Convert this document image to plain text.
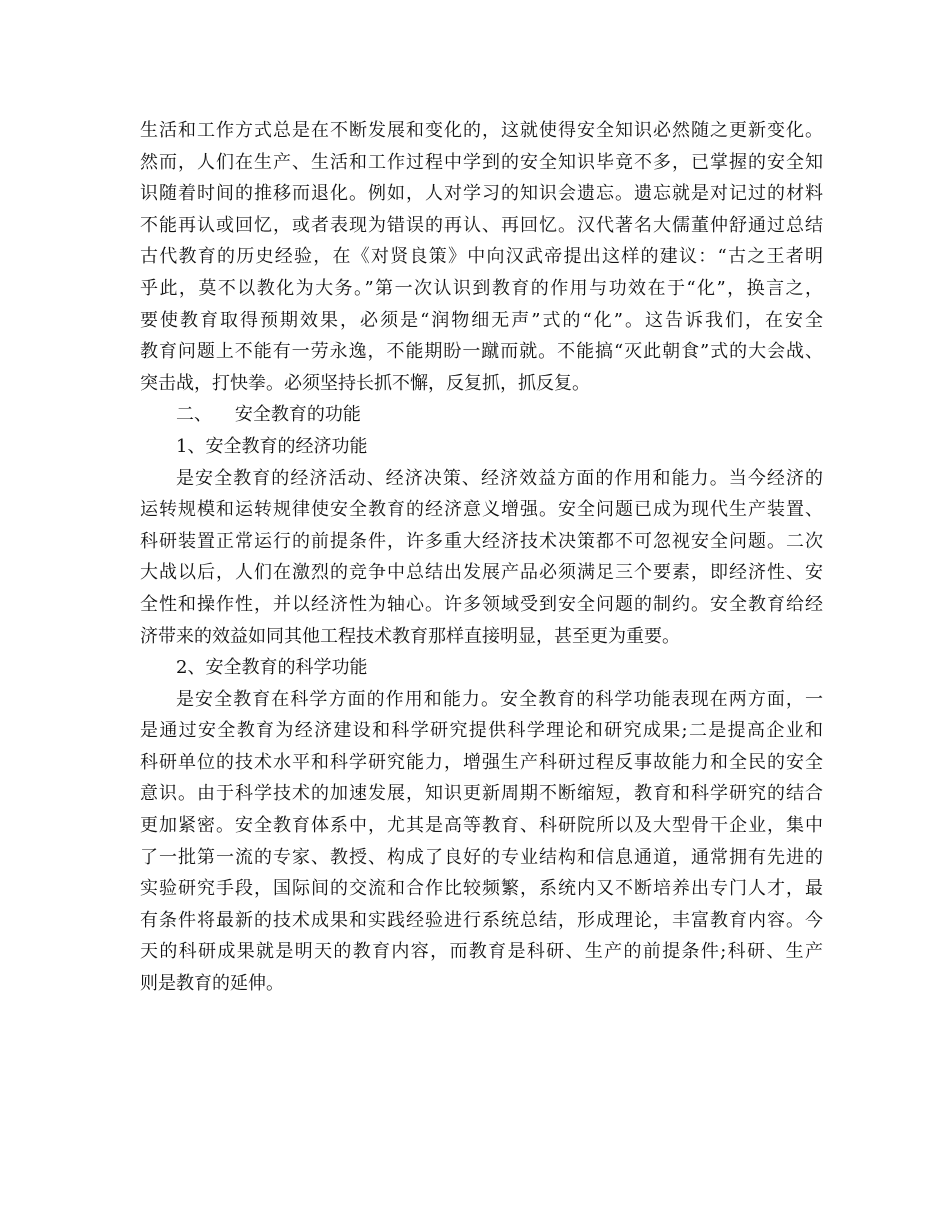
生活和工作方式总是在不断发展和变化的，这就使得安全知识必然随之更新变化。
然而，人们在生产、生活和工作过程中学到的安全知识毕竟不多，已掌握的安全知
识随着时间的推移而退化。例如，人对学习的知识会遗忘。遗忘就是对记过的材料
不能再认或回忆，或者表现为错误的再认、再回忆。汉代著名大儒董仲舒通过总结
古代教育的历史经验，在《对贤良策》中向汉武帝提出这样的建议：“古之王者明
乎此，莫不以教化为大务。”第一次认识到教育的作用与功效在于“化”，换言之，
要使教育取得预期效果，必须是“润物细无声”式的“化”。这告诉我们，在安全
教育问题上不能有一劳永逸，不能期盼一蹴而就。不能搞“灭此朝食”式的大会战、
突击战，打快拳。必须坚持长抓不懈，反复抓，抓反复。
二、    安全教育的功能
1、安全教育的经济功能
是安全教育的经济活动、经济决策、经济效益方面的作用和能力。当今经济的
运转规模和运转规律使安全教育的经济意义增强。安全问题已成为现代生产装置、
科研装置正常运行的前提条件，许多重大经济技术决策都不可忽视安全问题。二次
大战以后，人们在激烈的竞争中总结出发展产品必须满足三个要素，即经济性、安
全性和操作性，并以经济性为轴心。许多领域受到安全问题的制约。安全教育给经
济带来的效益如同其他工程技术教育那样直接明显，甚至更为重要。
2、安全教育的科学功能
是安全教育在科学方面的作用和能力。安全教育的科学功能表现在两方面，一
是通过安全教育为经济建设和科学研究提供科学理论和研究成果;二是提高企业和
科研单位的技术水平和科学研究能力，增强生产科研过程反事故能力和全民的安全
意识。由于科学技术的加速发展，知识更新周期不断缩短，教育和科学研究的结合
更加紧密。安全教育体系中，尤其是高等教育、科研院所以及大型骨干企业，集中
了一批第一流的专家、教授、构成了良好的专业结构和信息通道，通常拥有先进的
实验研究手段，国际间的交流和合作比较频繁，系统内又不断培养出专门人才，最
有条件将最新的技术成果和实践经验进行系统总结，形成理论，丰富教育内容。今
天的科研成果就是明天的教育内容，而教育是科研、生产的前提条件;科研、生产
则是教育的延伸。
